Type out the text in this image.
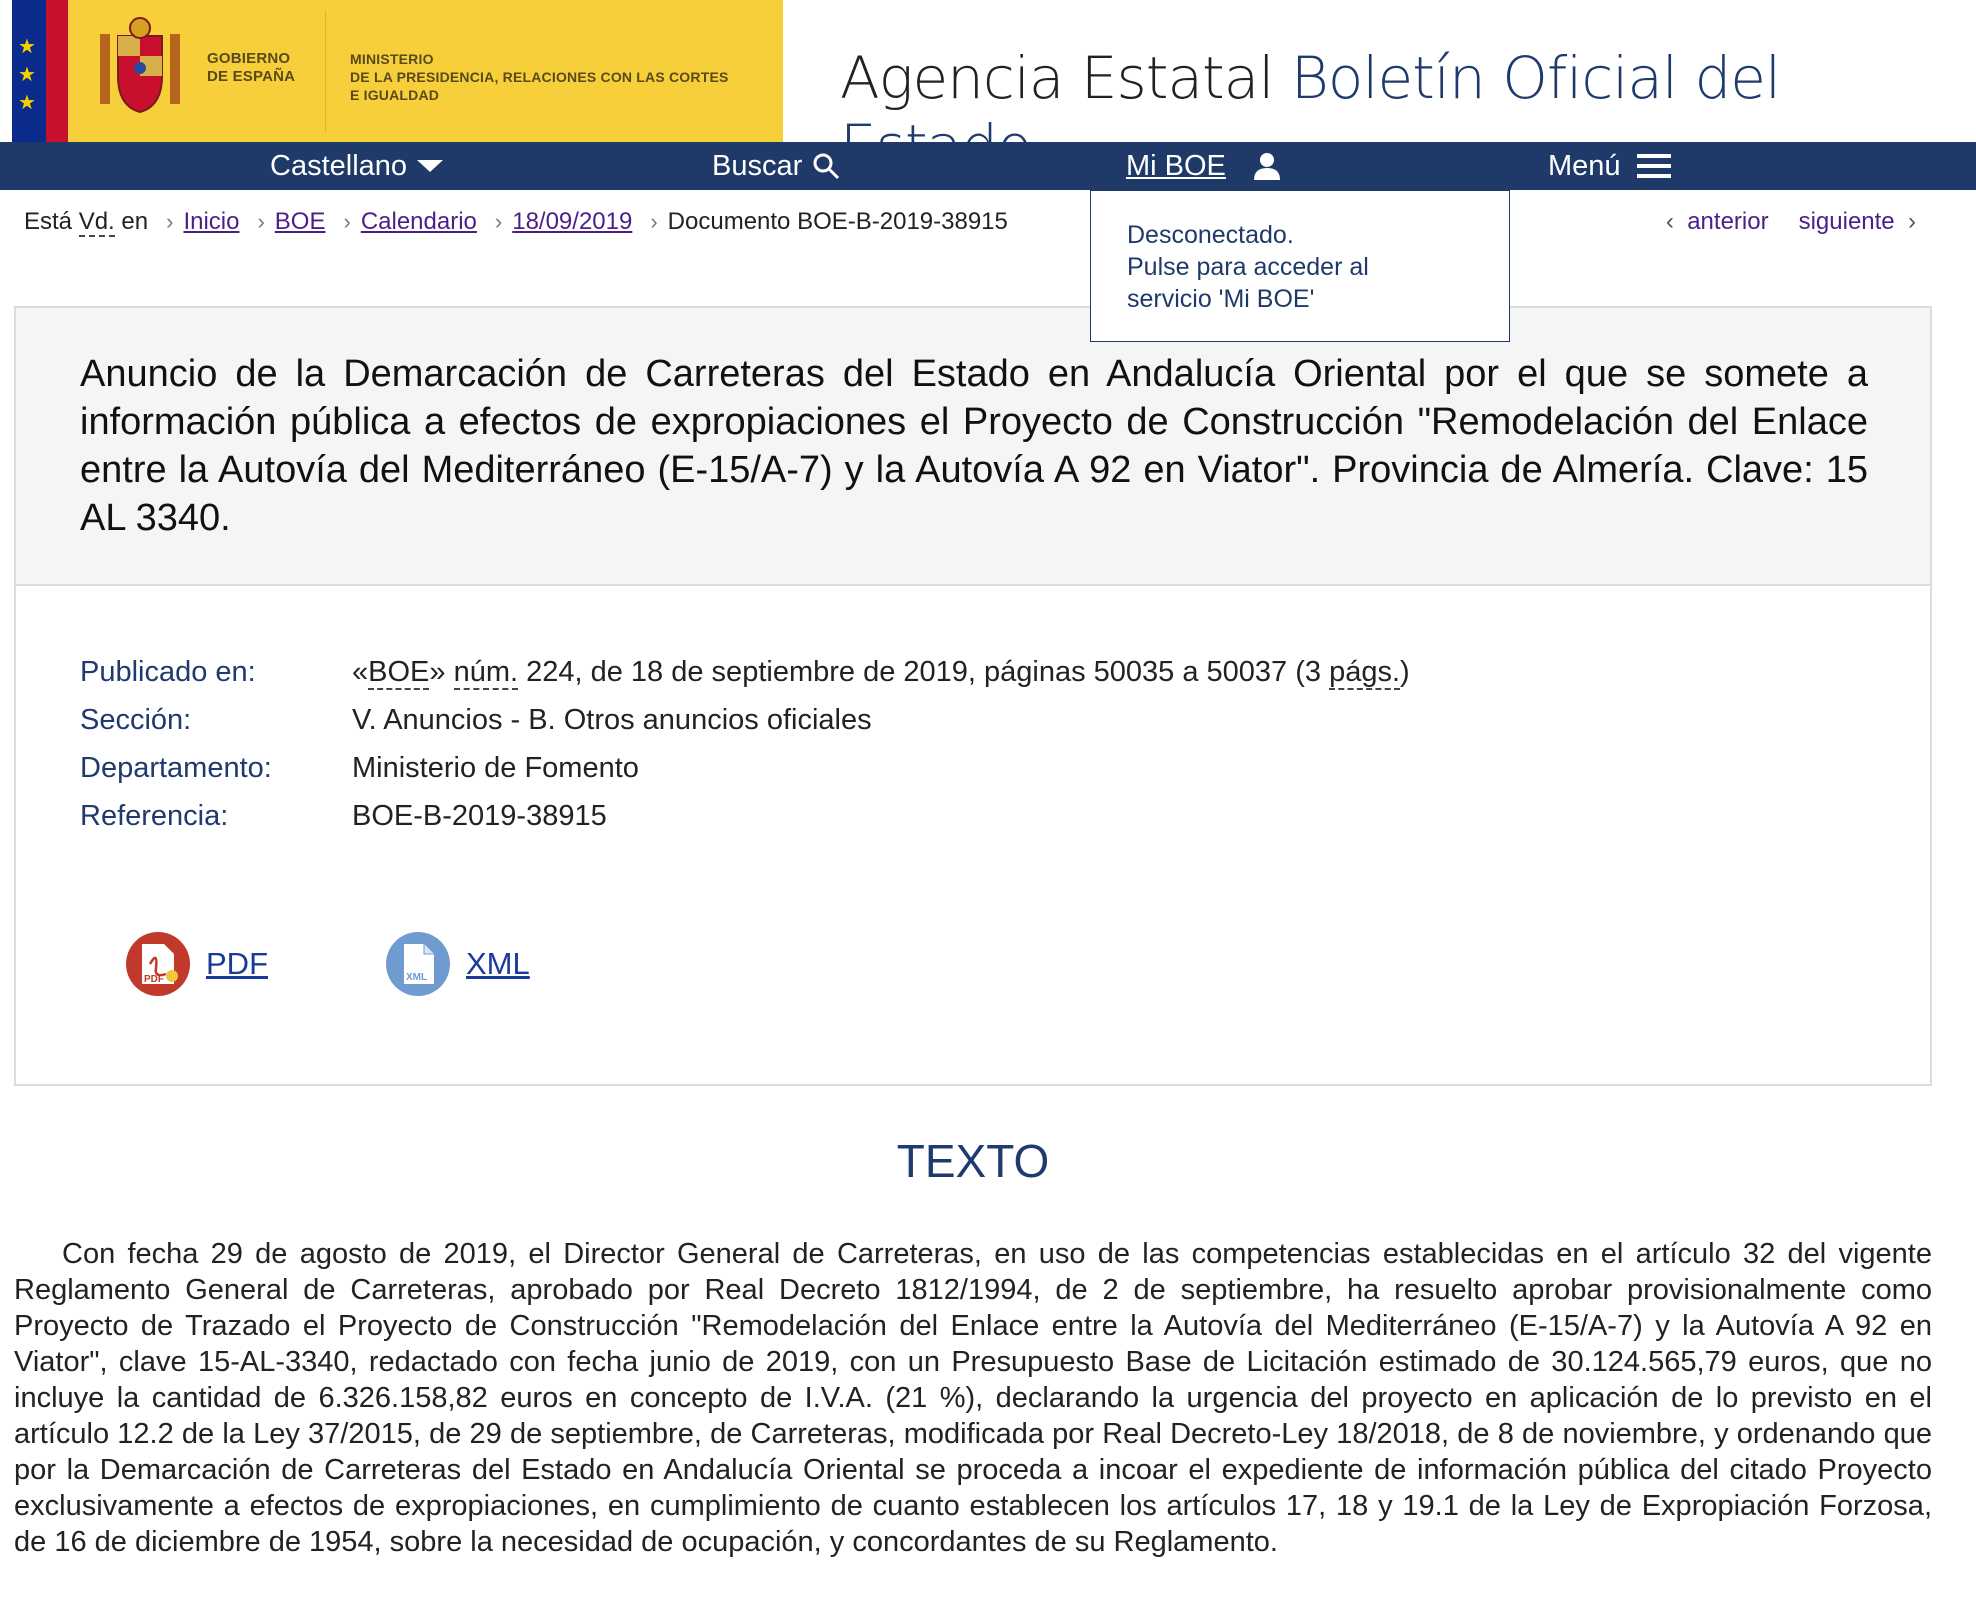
★
★
★
GOBIERNO
DE ESPAÑA
MINISTERIO
DE LA PRESIDENCIA, RELACIONES CON LAS CORTES
E IGUALDAD	Agencia Estatal Boletín Oficial del
Castellano	Buscar	Mi BOE	Menú
Está Vd. en › Inicio › BOE › Calendario › 18/09/2019 › Documento BOE-B-2019-38915	‹ anterior siguiente ›
Desconectado.
Pulse para acceder al
servicio 'Mi BOE'
Anuncio de la Demarcación de Carreteras del Estado en Andalucía Oriental por el que se somete a información pública a efectos de expropiaciones el Proyecto de Construcción "Remodelación del Enlace entre la Autovía del Mediterráneo (E-15/A-7) y la Autovía A 92 en Viator". Provincia de Almería. Clave: 15 AL 3340.
Publicado en:	«BOE» núm. 224, de 18 de septiembre de 2019, páginas 50035 a 50037 (3 págs.)
Sección:	V. Anuncios - B. Otros anuncios oficiales
Departamento:	Ministerio de Fomento
Referencia:	BOE-B-2019-38915
PDF PDF	XML XML
TEXTO

Con fecha 29 de agosto de 2019, el Director General de Carreteras, en uso de las competencias establecidas en el artículo 32 del vigente Reglamento General de Carreteras, aprobado por Real Decreto 1812/1994, de 2 de septiembre, ha resuelto aprobar provisionalmente como Proyecto de Trazado el Proyecto de Construcción "Remodelación del Enlace entre la Autovía del Mediterráneo (E-15/A-7) y la Autovía A 92 en Viator", clave 15-AL-3340, redactado con fecha junio de 2019, con un Presupuesto Base de Licitación estimado de 30.124.565,79 euros, que no incluye la cantidad de 6.326.158,82 euros en concepto de I.V.A. (21 %), declarando la urgencia del proyecto en aplicación de lo previsto en el artículo 12.2 de la Ley 37/2015, de 29 de septiembre, de Carreteras, modificada por Real Decreto-Ley 18/2018, de 8 de noviembre, y ordenando que por la Demarcación de Carreteras del Estado en Andalucía Oriental se proceda a incoar el expediente de información pública del citado Proyecto exclusivamente a efectos de expropiaciones, en cumplimiento de cuanto establecen los artículos 17, 18 y 19.1 de la Ley de Expropiación Forzosa, de 16 de diciembre de 1954, sobre la necesidad de ocupación, y concordantes de su Reglamento.
